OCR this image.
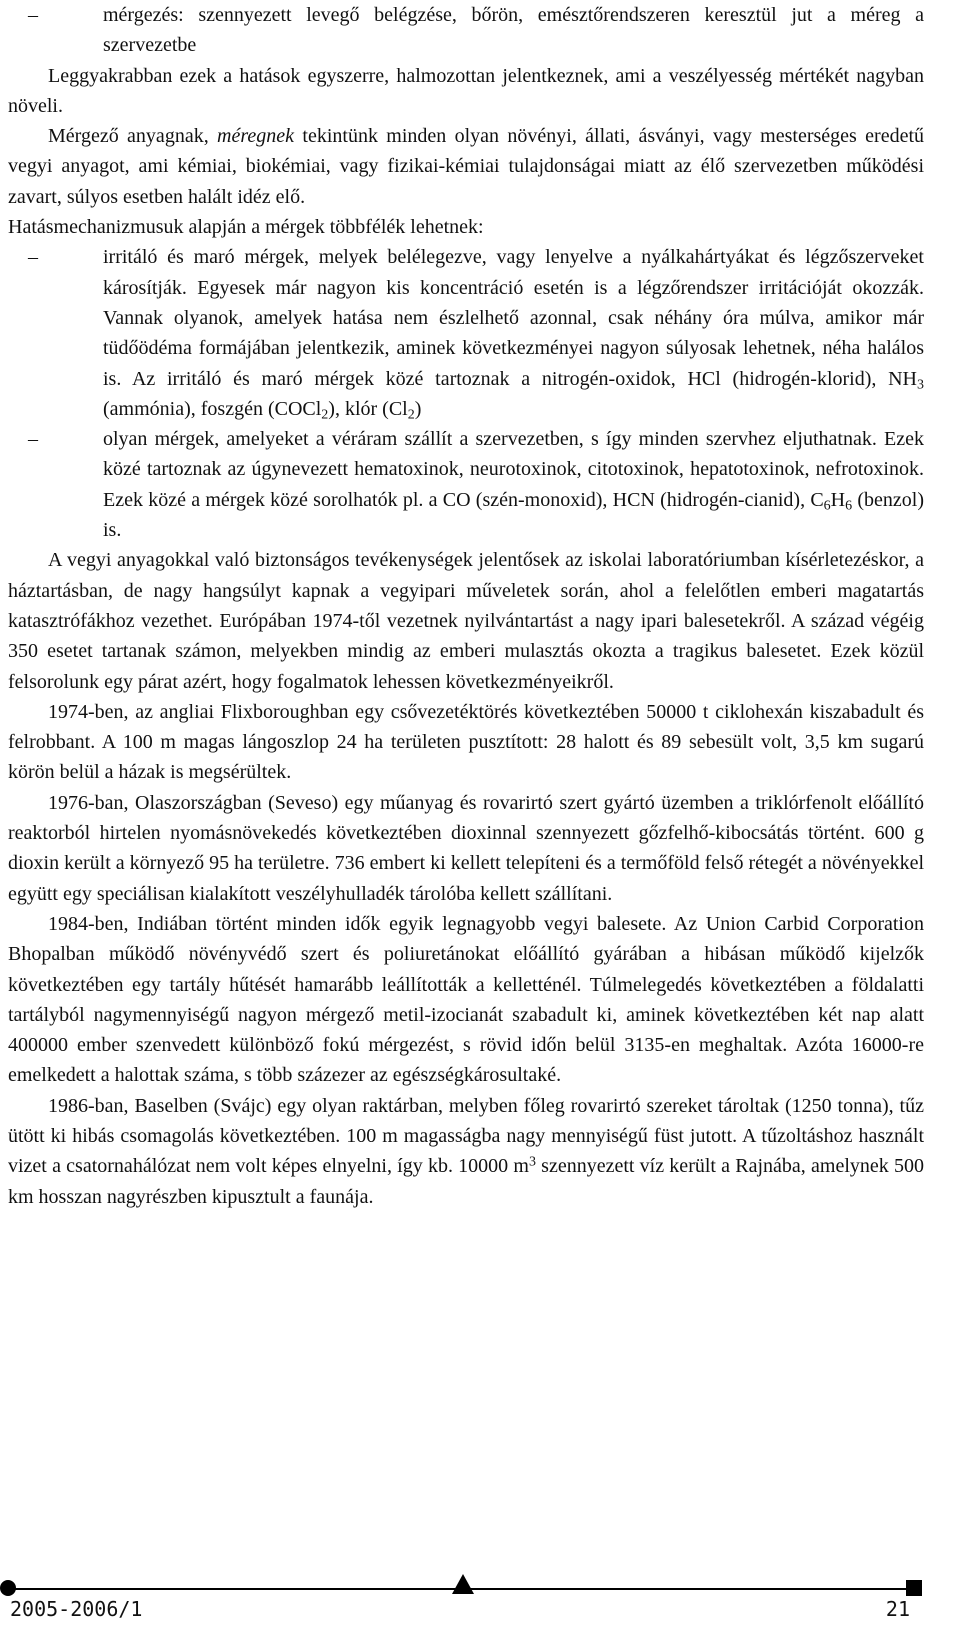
–	mérgezés: szennyezett levegő belégzése, bőrön, emésztőrendszeren keresztül jut a méreg a szervezetbe

Leggyakrabban ezek a hatások egyszerre, halmozottan jelentkeznek, ami a veszélyesség mértékét nagyban növeli.

Mérgező anyagnak, méregnek tekintünk minden olyan növényi, állati, ásványi, vagy mesterséges eredetű vegyi anyagot, ami kémiai, biokémiai, vagy fizikai-kémiai tulajdonságai miatt az élő szervezetben működési zavart, súlyos esetben halált idéz elő.

Hatásmechanizmusuk alapján a mérgek többfélék lehetnek:

–	irritáló és maró mérgek, melyek belélegezve, vagy lenyelve a nyálkahártyákat és légzőszerveket károsítják. Egyesek már nagyon kis koncentráció esetén is a légzőrendszer irritációját okozzák. Vannak olyanok, amelyek hatása nem észlelhető azonnal, csak néhány óra múlva, amikor már tüdőödéma formájában jelentkezik, aminek következményei nagyon súlyosak lehetnek, néha halálos is. Az irritáló és maró mérgek közé tartoznak a nitrogén-oxidok, HCl (hidrogén-klorid), $NH_3$ (ammónia), foszgén (COCl$_2$), klór $(Cl_2)$

–	olyan mérgek, amelyeket a véráram szállít a szervezetben, s így minden szervhez eljuthatnak. Ezek közé tartoznak az úgynevezett hematoxinok, neurotoxinok, citotoxinok, hepatotoxinok, nefrotoxinok. Ezek közé a mérgek közé sorolhatók pl. a CO (szén-monoxid), HCN (hidrogén-cianid), $C_6H_6$ (benzol) is.

A vegyi anyagokkal való biztonságos tevékenységek jelentősek az iskolai laboratóriumban kísérletezéskor, a háztartásban, de nagy hangsúlyt kapnak a vegyipari műveletek során, ahol a felelőtlen emberi magatartás katasztrófákhoz vezethet. Európában 1974-től vezetnek nyilvántartást a nagy ipari balesetekről. A század végéig 350 esetet tartanak számon, melyekben mindig az emberi mulasztás okozta a tragikus balesetet. Ezek közül felsorolunk egy párat azért, hogy fogalmatok lehessen következményeikről.

1974-ben, az angliai Flixboroughban egy csővezetéktörés következtében 50000 t ciklohexán kiszabadult és felrobbant. A 100 m magas lángoszlop 24 ha területen pusztított: 28 halott és 89 sebesült volt, 3,5 km sugarú körön belül a házak is megsérültek.

1976-ban, Olaszországban (Seveso) egy műanyag és rovarirtó szert gyártó üzemben a triklórfenolt előállító reaktorból hirtelen nyomásnövekedés következtében dioxinnal szennyezett gőzfelhő-kibocsátás történt. 600 g dioxin került a környező 95 ha területre. 736 embert ki kellett telepíteni és a termőföld felső rétegét a növényekkel együtt egy speciálisan kialakított veszélyhulladék tárolóba kellett szállítani.

1984-ben, Indiában történt minden idők egyik legnagyobb vegyi balesete. Az Union Carbid Corporation Bhopalban működő növényvédő szert és poliuretánokat előállító gyárában a hibásan működő kijelzők következtében egy tartály hűtését hamarább leállították a kelletténél. Túlmelegedés következtében a földalatti tartályból nagymennyiségű nagyon mérgező metil-izocianát szabadult ki, aminek következtében két nap alatt 400000 ember szenvedett különböző fokú mérgezést, s rövid időn belül 3135-en meghaltak. Azóta 16000-re emelkedett a halottak száma, s több százezer az egészségkárosultaké.

1986-ban, Baselben (Svájc) egy olyan raktárban, melyben főleg rovarirtó szereket tároltak (1250 tonna), tűz ütött ki hibás csomagolás következtében. 100 m magasságba nagy mennyiségű füst jutott. A tűzoltáshoz használt vizet a csatornahálózat nem volt képes elnyelni, így kb. 10000 $m^3$ szennyezett víz került a Rajnába, amelynek 500 km hosszan nagyrészben kipusztult a faunája.

2005-2006/1	21
